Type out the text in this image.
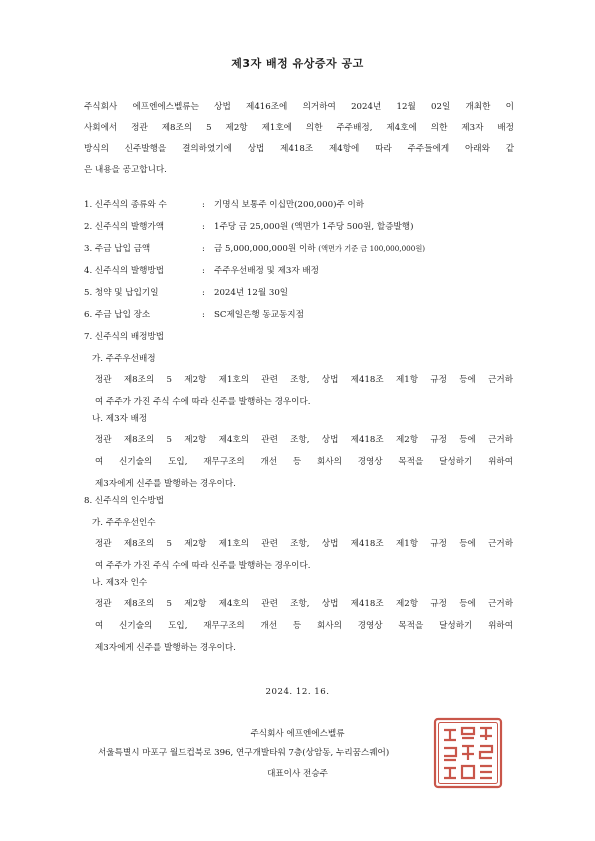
제3자 배정 유상증자 공고
주식회사 에프엔에스벨류는 상법 제416조에 의거하여 2024년 12월 02일 개최한 이
사회에서 정관 제8조의 5 제2항 제1호에 의한 주주배정, 제4호에 의한 제3자 배정
방식의 신주발행을 결의하였기에 상법 제418조 제4항에 따라 주주들에게 아래와 같
은 내용을 공고합니다.
1. 신주식의 종류와 수	: 기명식 보통주 이십만(200,000)주 이하
2. 신주식의 발행가액	: 1주당 금 25,000원 (액면가 1주당 500원, 할증발행)
3. 주금 납입 금액	: 금 5,000,000,000원 이하 (액면가 기준 금 100,000,000원)
4. 신주식의 발행방법	: 주주우선배정 및 제3자 배정
5. 청약 및 납입기일	: 2024년 12월 30일
6. 주금 납입 장소	: SC제일은행 동교동지점
7. 신주식의 배정방법
가. 주주우선배정
정관 제8조의 5 제2항 제1호의 관련 조항, 상법 제418조 제1항 규정 등에 근거하
여 주주가 가진 주식 수에 따라 신주를 발행하는 경우이다.
나. 제3자 배정
정관 제8조의 5 제2항 제4호의 관련 조항, 상법 제418조 제2항 규정 등에 근거하
여 신기술의 도입, 재무구조의 개선 등 회사의 경영상 목적을 달성하기 위하여
제3자에게 신주를 발행하는 경우이다.
8. 신주식의 인수방법
가. 주주우선인수
정관 제8조의 5 제2항 제1호의 관련 조항, 상법 제418조 제1항 규정 등에 근거하
여 주주가 가진 주식 수에 따라 신주를 발행하는 경우이다.
나. 제3자 인수
정관 제8조의 5 제2항 제4호의 관련 조항, 상법 제418조 제2항 규정 등에 근거하
여 신기술의 도입, 재무구조의 개선 등 회사의 경영상 목적을 달성하기 위하여
제3자에게 신주를 발행하는 경우이다.
2024. 12. 16.
주식회사 에프엔에스벨류
서울특별시 마포구 월드컵북로 396, 연구개발타워 7층(상암동, 누리꿈스퀘어)
대표이사 전승주
